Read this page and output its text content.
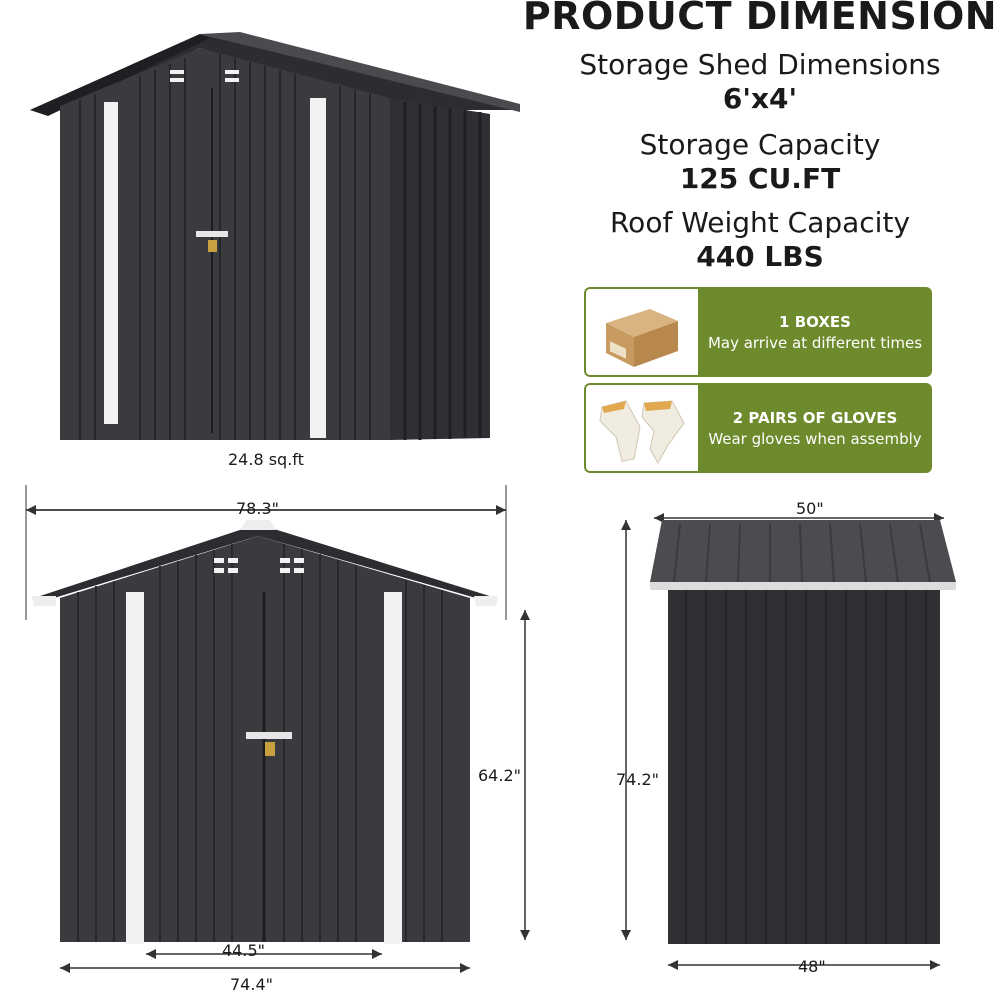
PRODUCT DIMENSION
Storage Shed Dimensions
6'x4'
Storage Capacity
125 CU.FT
Roof Weight Capacity
440 LBS
1 BOXES
May arrive at different times
2 PAIRS OF GLOVES
Wear gloves when assembly
24.8 sq.ft
78.3"
44.5"
74.4"
64.2"
50"
74.2"
48"
